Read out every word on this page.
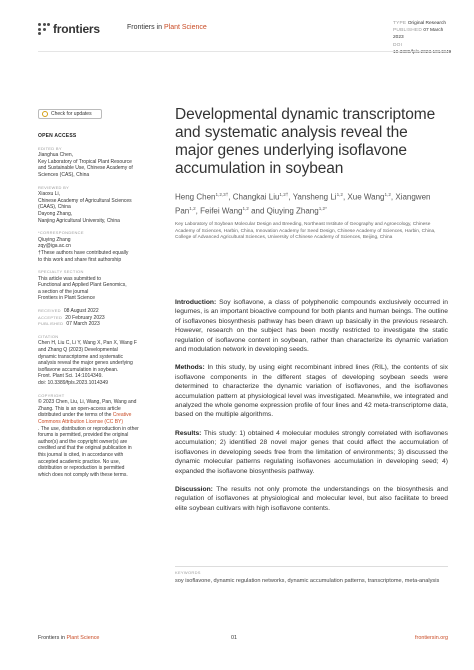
frontiers	Frontiers in Plant Science
TYPE Original Research
PUBLISHED 07 March 2023
DOI 10.3389/fpls.2023.1014349
Check for updates
OPEN ACCESS
EDITED BY
Jianghua Chen,
Key Laboratory of Tropical Plant Resource
and Sustainable Use, Chinese Academy of
Sciences (CAS), China
REVIEWED BY
Xiaoxu Li,
Chinese Academy of Agricultural Sciences
(CAAS), China
Dayong Zhang,
Nanjing Agricultural University, China
*CORRESPONDENCE
Qiuying Zhang
zqy@iga.ac.cn
†These authors have contributed equally
to this work and share first authorship
SPECIALTY SECTION
This article was submitted to
Functional and Applied Plant Genomics,
a section of the journal
Frontiers in Plant Science
RECEIVED 08 August 2022
ACCEPTED 20 February 2023
PUBLISHED 07 March 2023
CITATION
Chen H, Liu C, Li Y, Wang X, Pan X, Wang F
and Zhang Q (2023) Developmental
dynamic transcriptome and systematic
analysis reveal the major genes underlying
isoflavone accumulation in soybean.
Front. Plant Sci. 14:1014349.
doi: 10.3389/fpls.2023.1014349
COPYRIGHT
© 2023 Chen, Liu, Li, Wang, Pan, Wang and
Zhang. This is an open-access article
distributed under the terms of the Creative
Commons Attribution License (CC BY)
. The use, distribution or reproduction in other
forums is permitted, provided the original
author(s) and the copyright owner(s) are
credited and that the original publication in
this journal is cited, in accordance with
accepted academic practice. No use,
distribution or reproduction is permitted
which does not comply with these terms.
Developmental dynamic transcriptome and systematic analysis reveal the major genes underlying isoflavone accumulation in soybean
Heng Chen$^{1,2,3\dagger}$, Changkai Liu$^{1,2\dagger}$, Yansheng Li$^{1,2}$, Xue Wang$^{1,2}$, Xiangwen Pan$^{1,2}$, Feifei Wang$^{1,2}$ and Qiuying Zhang$^{1,2*}$
Key Laboratory of Soybean Molecular Design and Breeding, Northeast Institute of Geography and Agroecology, Chinese Academy of Sciences, Harbin, China, Innovation Academy for Seed Design, Chinese Academy of Sciences, Harbin, China, College of Advanced Agricultural Sciences, University of Chinese Academy of Sciences, Beijing, China

Introduction: Soy isoflavone, a class of polyphenolic compounds exclusively occurred in legumes, is an important bioactive compound for both plants and human beings. The outline of isoflavones biosynthesis pathway has been drawn up basically in the previous research. However, research on the subject has been mostly restricted to investigate the static regulation of isoflavone content in soybean, rather than characterize its dynamic variation and modulation network in developing seeds.

Methods: In this study, by using eight recombinant inbred lines (RIL), the contents of six isoflavone components in the different stages of developing soybean seeds were determined to characterize the dynamic variation of isoflavones, and the isoflavones accumulation pattern at physiological level was investigated. Meanwhile, we integrated and analyzed the whole genome expression profile of four lines and 42 meta-transcriptome data, based on the multiple algorithms.

Results: This study: 1) obtained 4 molecular modules strongly correlated with isoflavones accumulation; 2) identified 28 novel major genes that could affect the accumulation of isoflavones in developing seeds free from the limitation of environments; 3) discussed the dynamic molecular patterns regulating isoflavones accumulation in developing seed; 4) expanded the isoflavone biosynthesis pathway.

Discussion: The results not only promote the understandings on the biosynthesis and regulation of isoflavones at physiological and molecular level, but also facilitate to breed elite soybean cultivars with high isoflavone contents.

KEYWORDS
soy isoflavone, dynamic regulation networks, dynamic accumulation patterns, transcriptome, meta-analysis
Frontiers in Plant Science	01	frontiersin.org
